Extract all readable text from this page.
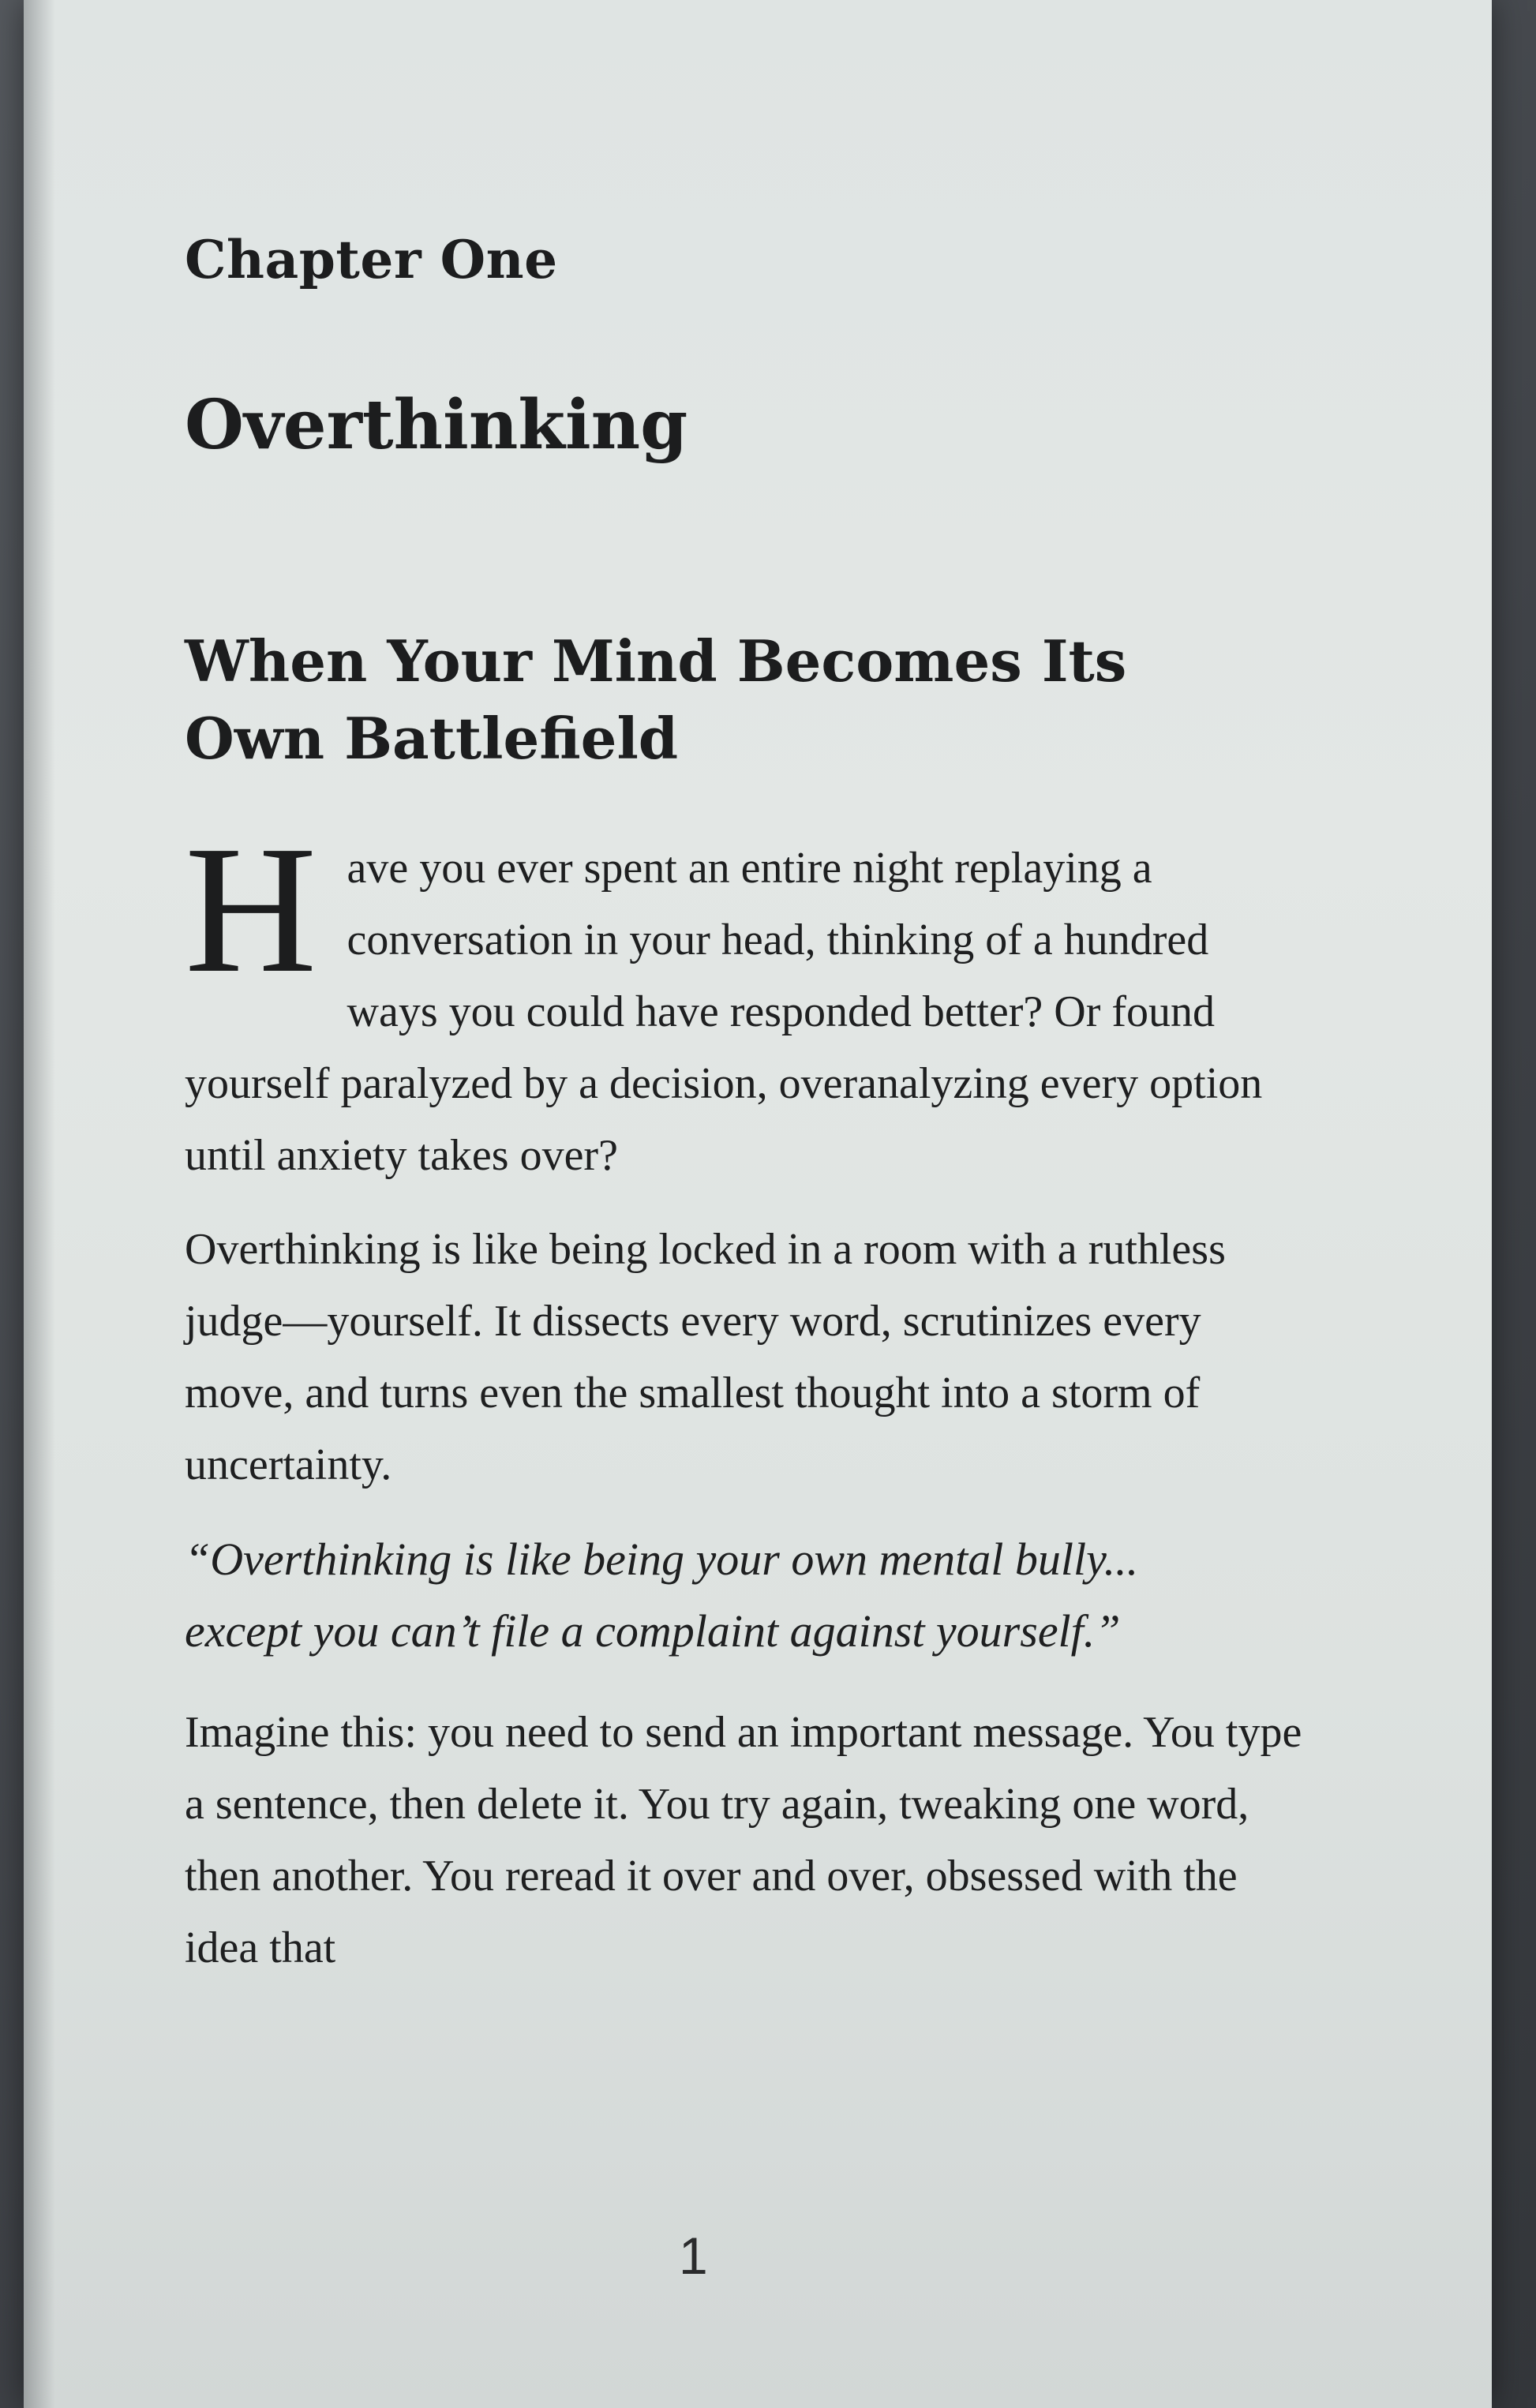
Chapter One
Overthinking
When Your Mind Becomes Its Own Battlefield

H ave you ever spent an entire night replaying a conversation in your head, thinking of a hundred ways you could have responded better? Or found yourself paralyzed by a decision, overanalyzing every option until anxiety takes over?

Overthinking is like being locked in a room with a ruthless judge—yourself. It dissects every word, scrutinizes every move, and turns even the smallest thought into a storm of uncertainty.

“Overthinking is like being your own mental bully... except you can’t file a complaint against yourself.”

Imagine this: you need to send an important message. You type a sentence, then delete it. You try again, tweaking one word, then another. You reread it over and over, obsessed with the idea that

1
